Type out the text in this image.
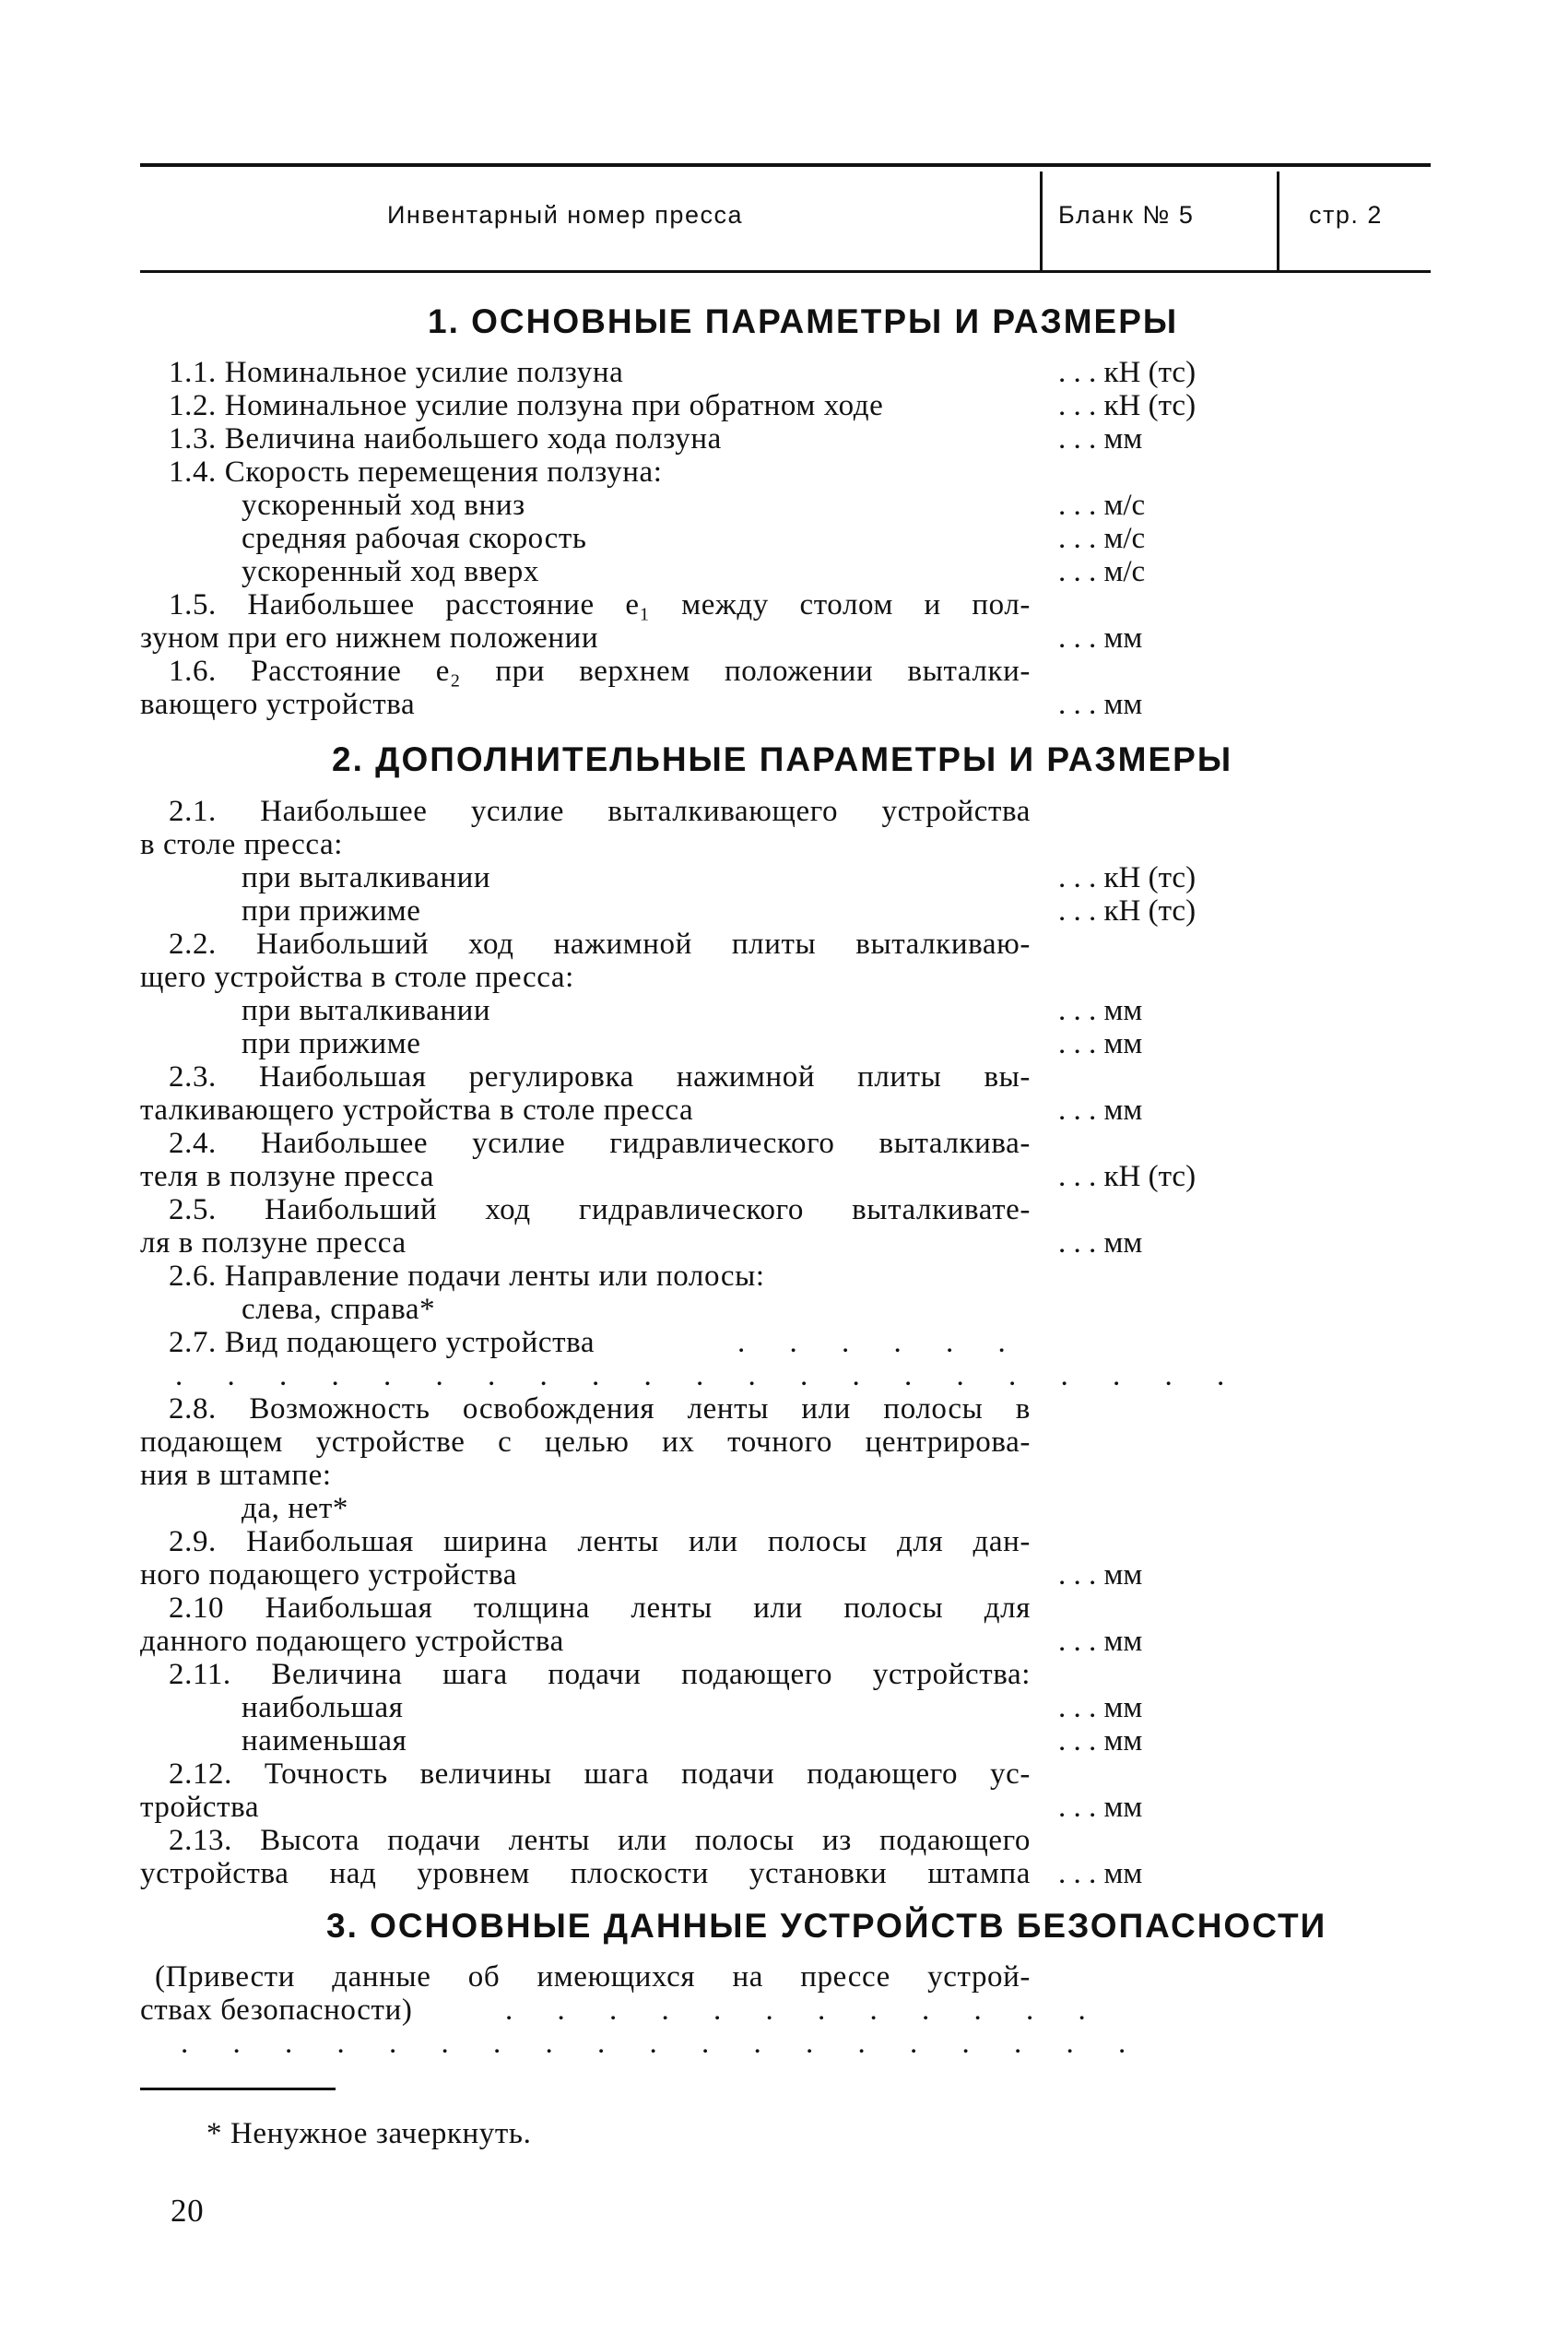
Инвентарный номер пресса	Бланк № 5	стр. 2
1. ОСНОВНЫЕ ПАРАМЕТРЫ И РАЗМЕРЫ
1.1. Номинальное усилие ползуна	. . . кН (тс)
1.2. Номинальное усилие ползуна при обратном ходе	. . . кН (тс)
1.3. Величина наибольшего хода ползуна	. . . мм
1.4. Скорость перемещения ползуна:
ускоренный ход вниз	. . . м/с
средняя рабочая скорость	. . . м/с
ускоренный ход вверх	. . . м/с
1.5. Наибольшее расстояние e₁ между столом и пол-
зуном при его нижнем положении	. . . мм
1.6. Расстояние e₂ при верхнем положении выталки-
вающего устройства	. . . мм
2. ДОПОЛНИТЕЛЬНЫЕ ПАРАМЕТРЫ И РАЗМЕРЫ
2.1. Наибольшее усилие выталкивающего устройства
в столе пресса:
при выталкивании	. . . кН (тс)
при прижиме	. . . кН (тс)
2.2. Наибольший ход нажимной плиты выталкиваю-
щего устройства в столе пресса:
при выталкивании	. . . мм
при прижиме	. . . мм
2.3. Наибольшая регулировка нажимной плиты вы-
талкивающего устройства в столе пресса	. . . мм
2.4. Наибольшее усилие гидравлического выталкива-
теля в ползуне пресса	. . . кН (тс)
2.5. Наибольший ход гидравлического выталкивате-
ля в ползуне пресса	. . . мм
2.6. Направление подачи ленты или полосы:
слева, справа*
2.7. Вид подающего устройства	. . . . . .
. . . . . . . . . . . . . . . . . . . . .
2.8. Возможность освобождения ленты или полосы в
подающем устройстве с целью их точного центрирова-
ния в штампе:
да, нет*
2.9. Наибольшая ширина ленты или полосы для дан-
ного подающего устройства	. . . мм
2.10 Наибольшая толщина ленты или полосы для
данного подающего устройства	. . . мм
2.11. Величина шага подачи подающего устройства:
наибольшая	. . . мм
наименьшая	. . . мм
2.12. Точность величины шага подачи подающего ус-
тройства	. . . мм
2.13. Высота подачи ленты или полосы из подающего
устройства над уровнем плоскости установки штампа . . . мм
3. ОСНОВНЫЕ ДАННЫЕ УСТРОЙСТВ БЕЗОПАСНОСТИ
(Привести данные об имеющихся на прессе устрой-
ствах безопасности)	. . . . . . . . . . . .
. . . . . . . . . . . . . . . . . . .
* Ненужное зачеркнуть.
20
